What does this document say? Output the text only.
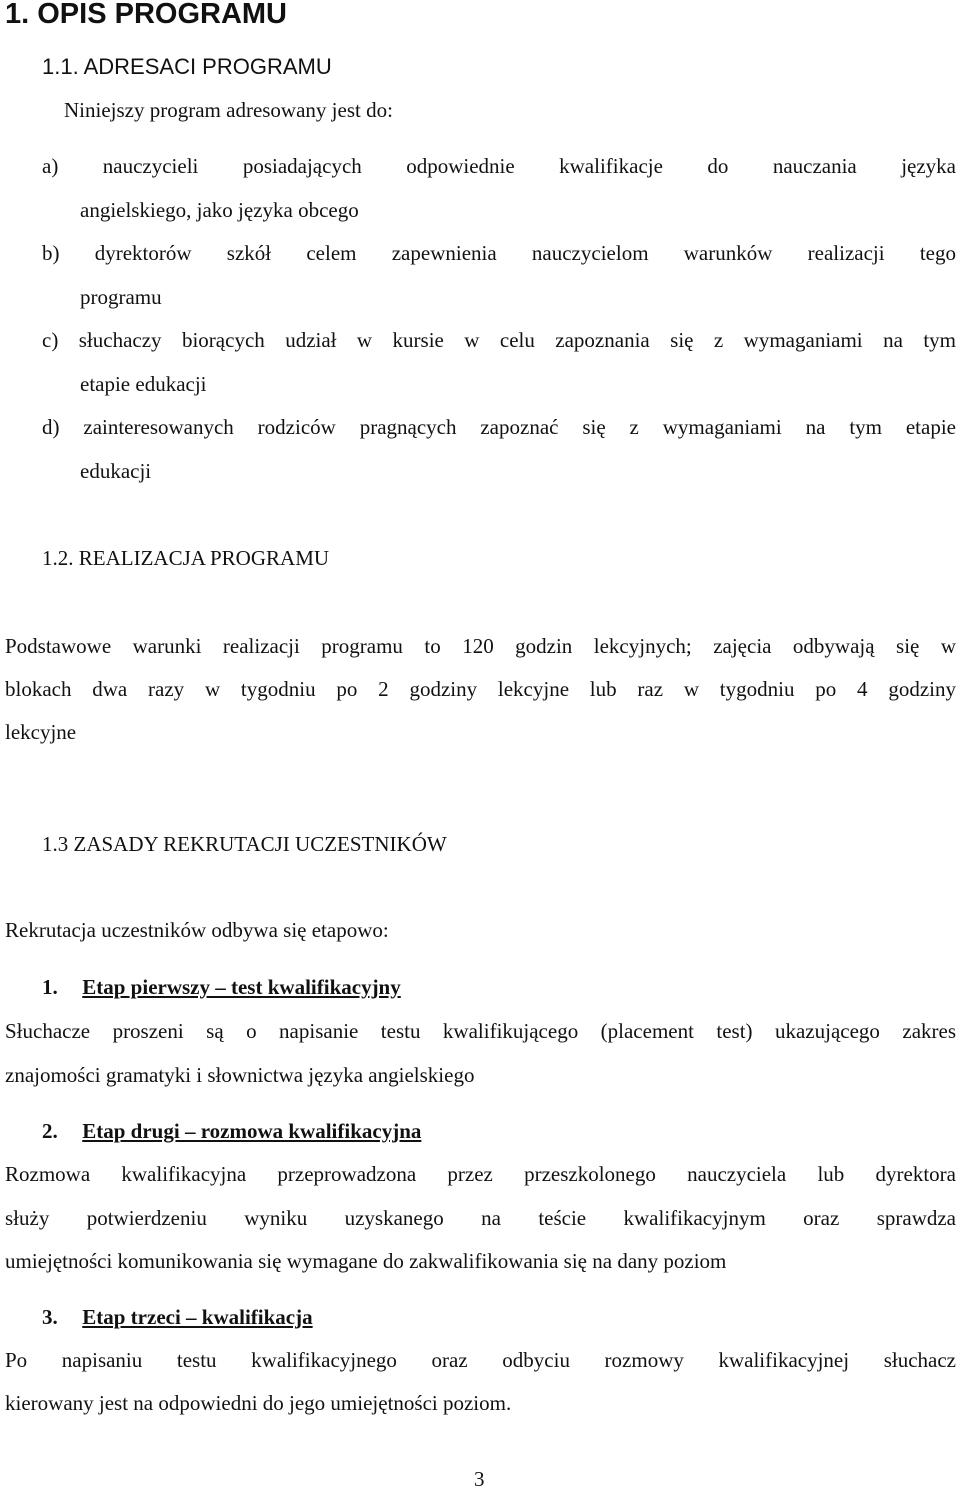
1. OPIS PROGRAMU
1.1. ADRESACI PROGRAMU
Niniejszy program adresowany jest do:
a) nauczycieli posiadających odpowiednie kwalifikacje do nauczania języka
angielskiego, jako języka obcego
b) dyrektorów szkół celem zapewnienia nauczycielom warunków realizacji tego
programu
c) słuchaczy biorących udział w kursie w celu zapoznania się z wymaganiami na tym
etapie edukacji
d) zainteresowanych rodziców pragnących zapoznać się z wymaganiami na tym etapie
edukacji
1.2. REALIZACJA PROGRAMU
Podstawowe warunki realizacji programu to 120 godzin lekcyjnych; zajęcia odbywają się w
blokach dwa razy w tygodniu po 2 godziny lekcyjne lub raz w tygodniu po 4 godziny
lekcyjne
1.3 ZASADY REKRUTACJI UCZESTNIKÓW
Rekrutacja uczestników odbywa się etapowo:
1. Etap pierwszy – test kwalifikacyjny
Słuchacze proszeni są o napisanie testu kwalifikującego (placement test) ukazującego zakres
znajomości gramatyki i słownictwa języka angielskiego
2. Etap drugi – rozmowa kwalifikacyjna
Rozmowa kwalifikacyjna przeprowadzona przez przeszkolonego nauczyciela lub dyrektora
służy potwierdzeniu wyniku uzyskanego na teście kwalifikacyjnym oraz sprawdza
umiejętności komunikowania się wymagane do zakwalifikowania się na dany poziom
3. Etap trzeci – kwalifikacja
Po napisaniu testu kwalifikacyjnego oraz odbyciu rozmowy kwalifikacyjnej słuchacz
kierowany jest na odpowiedni do jego umiejętności poziom.
3
